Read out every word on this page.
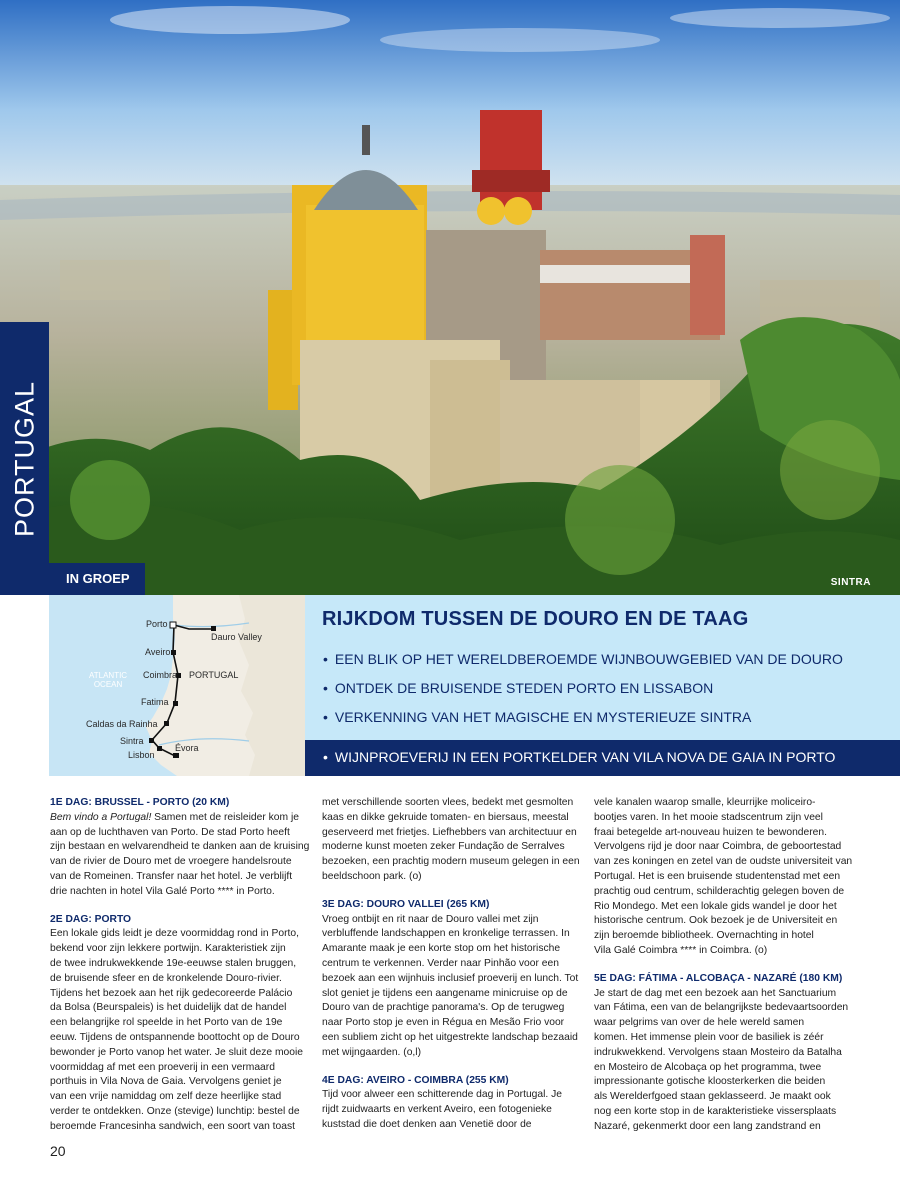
PORTUGAL
IN GROEP	SINTRA
Porto
Dauro Valley
Aveiro
Coimbra PORTUGAL
Fatima
Caldas da Rainha
Sintra
Lisbon
Évora
ATLANTIC
OCEAN
RIJKDOM TUSSEN DE DOURO EN DE TAAG
• EEN BLIK OP HET WERELDBEROEMDE WIJNBOUWGEBIED VAN DE DOURO
• ONTDEK DE BRUISENDE STEDEN PORTO EN LISSABON
• VERKENNING VAN HET MAGISCHE EN MYSTERIEUZE SINTRA
• WIJNPROEVERIJ IN EEN PORTKELDER VAN VILA NOVA DE GAIA IN PORTO
1E DAG: BRUSSEL - PORTO (20 KM)
Bem vindo a Portugal! Samen met de reisleider kom je
aan op de luchthaven van Porto. De stad Porto heeft
zijn bestaan en welvarendheid te danken aan de kruising
van de rivier de Douro met de vroegere handelsroute
van de Romeinen. Transfer naar het hotel. Je verblijft
drie nachten in hotel Vila Galé Porto **** in Porto.
2E DAG: PORTO
Een lokale gids leidt je deze voormiddag rond in Porto,
bekend voor zijn lekkere portwijn. Karakteristiek zijn
de twee indrukwekkende 19e-eeuwse stalen bruggen,
de bruisende sfeer en de kronkelende Douro-rivier.
Tijdens het bezoek aan het rijk gedecoreerde Palácio
da Bolsa (Beurspaleis) is het duidelijk dat de handel
een belangrijke rol speelde in het Porto van de 19e
eeuw. Tijdens de ontspannende boottocht op de Douro
bewonder je Porto vanop het water. Je sluit deze mooie
voormiddag af met een proeverij in een vermaard
porthuis in Vila Nova de Gaia. Vervolgens geniet je
van een vrije namiddag om zelf deze heerlijke stad
verder te ontdekken. Onze (stevige) lunchtip: bestel de
beroemde Francesinha sandwich, een soort van toast
met verschillende soorten vlees, bedekt met gesmolten
kaas en dikke gekruide tomaten- en biersaus, meestal
geserveerd met frietjes. Liefhebbers van architectuur en
moderne kunst moeten zeker Fundação de Serralves
bezoeken, een prachtig modern museum gelegen in een
beeldschoon park. (o)
3E DAG: DOURO VALLEI (265 KM)
Vroeg ontbijt en rit naar de Douro vallei met zijn
verbluffende landschappen en kronkelige terrassen. In
Amarante maak je een korte stop om het historische
centrum te verkennen. Verder naar Pinhão voor een
bezoek aan een wijnhuis inclusief proeverij en lunch. Tot
slot geniet je tijdens een aangename minicruise op de
Douro van de prachtige panorama's. Op de terugweg
naar Porto stop je even in Régua en Mesão Frio voor
een subliem zicht op het uitgestrekte landschap bezaaid
met wijngaarden. (o,l)
4E DAG: AVEIRO - COIMBRA (255 KM)
Tijd voor alweer een schitterende dag in Portugal. Je
rijdt zuidwaarts en verkent Aveiro, een fotogenieke
kuststad die doet denken aan Venetië door de
vele kanalen waarop smalle, kleurrijke moliceiro-
bootjes varen. In het mooie stadscentrum zijn veel
fraai betegelde art-nouveau huizen te bewonderen.
Vervolgens rijd je door naar Coimbra, de geboortestad
van zes koningen en zetel van de oudste universiteit van
Portugal. Het is een bruisende studentenstad met een
prachtig oud centrum, schilderachtig gelegen boven de
Rio Mondego. Met een lokale gids wandel je door het
historische centrum. Ook bezoek je de Universiteit en
zijn beroemde bibliotheek. Overnachting in hotel
Vila Galé Coimbra **** in Coimbra. (o)
5E DAG: FÁTIMA - ALCOBAÇA - NAZARÉ (180 KM)
Je start de dag met een bezoek aan het Sanctuarium
van Fátima, een van de belangrijkste bedevaartsoorden
waar pelgrims van over de hele wereld samen
komen. Het immense plein voor de basiliek is zéér
indrukwekkend. Vervolgens staan Mosteiro da Batalha
en Mosteiro de Alcobaça op het programma, twee
impressionante gotische kloosterkerken die beiden
als Werelderfgoed staan geklasseerd. Je maakt ook
nog een korte stop in de karakteristieke vissersplaats
Nazaré, gekenmerkt door een lang zandstrand en
20
